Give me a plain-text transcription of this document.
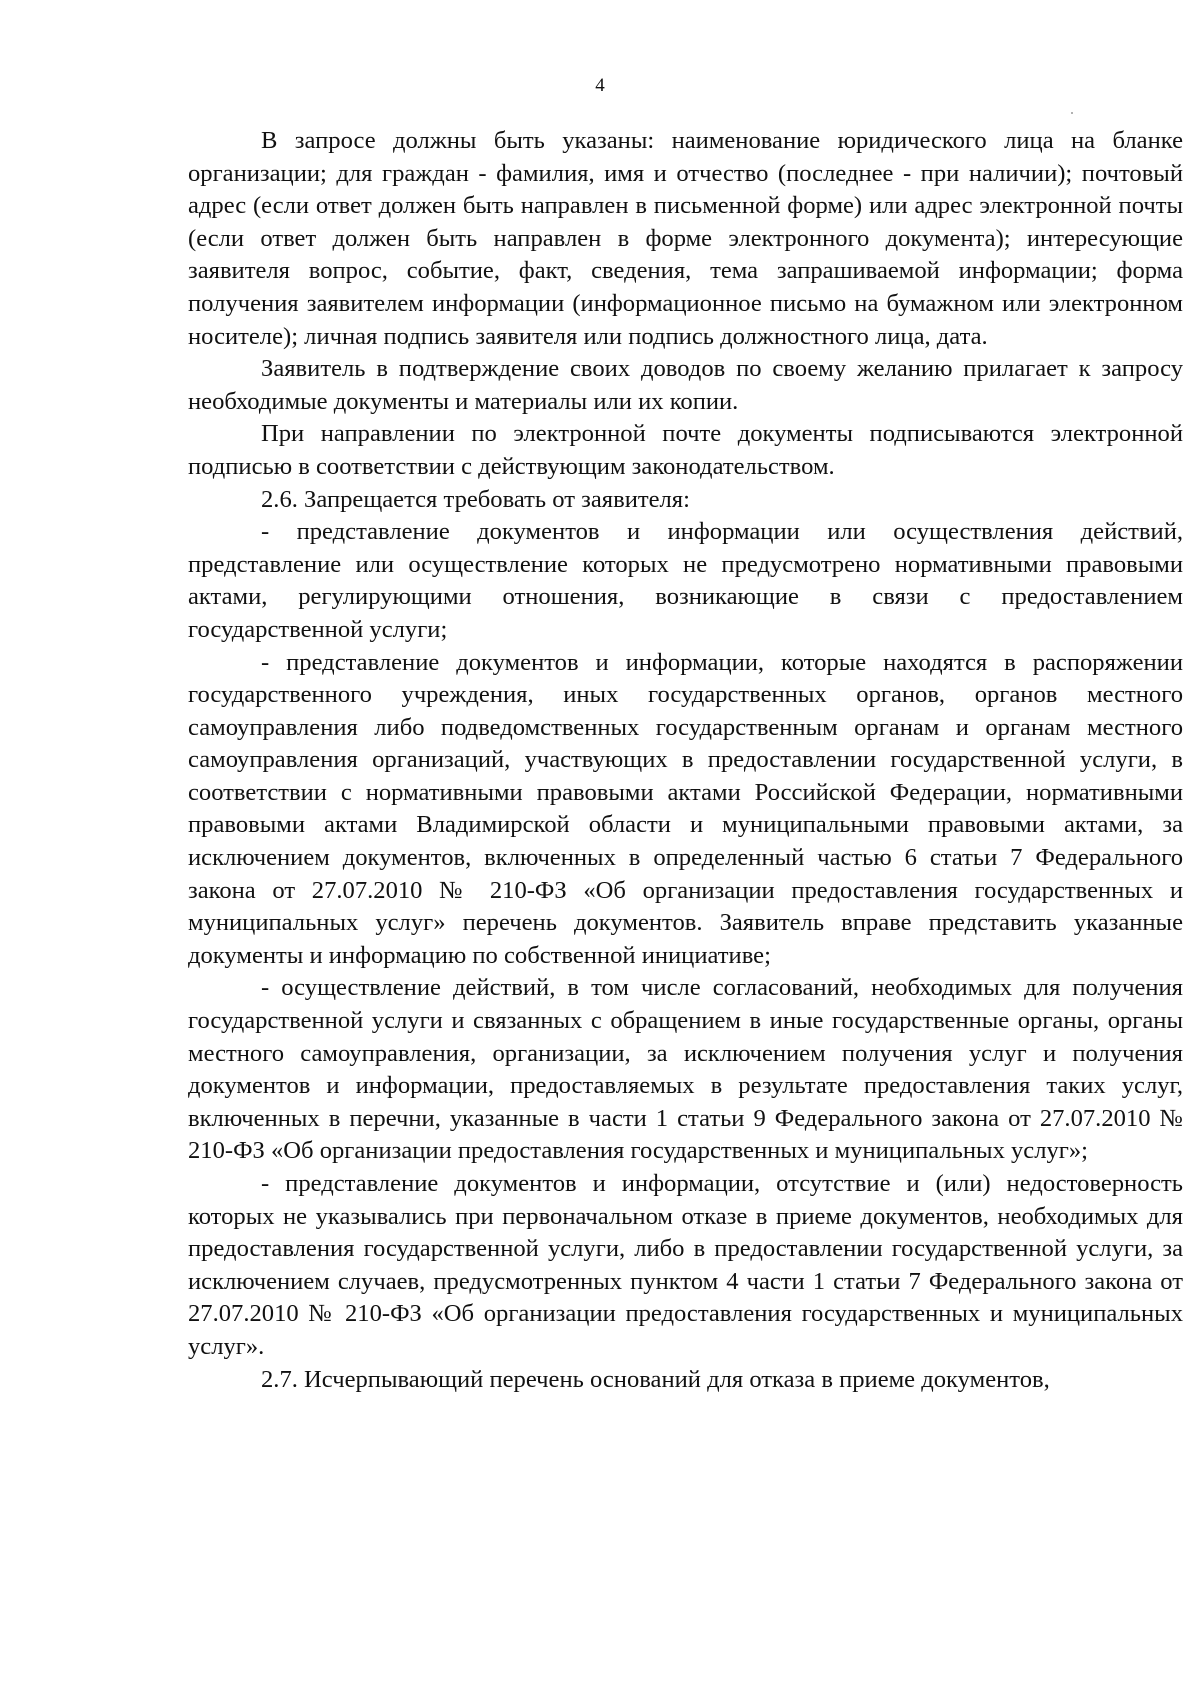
4

В запросе должны быть указаны: наименование юридического лица на бланке организации; для граждан - фамилия, имя и отчество (последнее - при наличии); почтовый адрес (если ответ должен быть направлен в письменной форме) или адрес электронной почты (если ответ должен быть направлен в форме электронного документа); интересующие заявителя вопрос, событие, факт, сведения, тема запрашиваемой информации; форма получения заявителем информации (информационное письмо на бумажном или электронном носителе); личная подпись заявителя или подпись должностного лица, дата.

Заявитель в подтверждение своих доводов по своему желанию прилагает к запросу необходимые документы и материалы или их копии.

При направлении по электронной почте документы подписываются электронной подписью в соответствии с действующим законодательством.

2.6. Запрещается требовать от заявителя:

- представление документов и информации или осуществления действий, представление или осуществление которых не предусмотрено нормативными правовыми актами, регулирующими отношения, возникающие в связи с предоставлением государственной услуги;

- представление документов и информации, которые находятся в распоряжении государственного учреждения, иных государственных органов, органов местного самоуправления либо подведомственных государственным органам и органам местного самоуправления организаций, участвующих в предоставлении государственной услуги, в соответствии с нормативными правовыми актами Российской Федерации, нормативными правовыми актами Владимирской области и муниципальными правовыми актами, за исключением документов, включенных в определенный частью 6 статьи 7 Федерального закона от 27.07.2010 № 210-ФЗ «Об организации предоставления государственных и муниципальных услуг» перечень документов. Заявитель вправе представить указанные документы и информацию по собственной инициативе;

- осуществление действий, в том числе согласований, необходимых для получения государственной услуги и связанных с обращением в иные государственные органы, органы местного самоуправления, организации, за исключением получения услуг и получения документов и информации, предоставляемых в результате предоставления таких услуг, включенных в перечни, указанные в части 1 статьи 9 Федерального закона от 27.07.2010 № 210-ФЗ «Об организации предоставления государственных и муниципальных услуг»;

- представление документов и информации, отсутствие и (или) недостоверность которых не указывались при первоначальном отказе в приеме документов, необходимых для предоставления государственной услуги, либо в предоставлении государственной услуги, за исключением случаев, предусмотренных пунктом 4 части 1 статьи 7 Федерального закона от 27.07.2010 № 210-ФЗ «Об организации предоставления государственных и муниципальных услуг».

2.7. Исчерпывающий перечень оснований для отказа в приеме документов,
